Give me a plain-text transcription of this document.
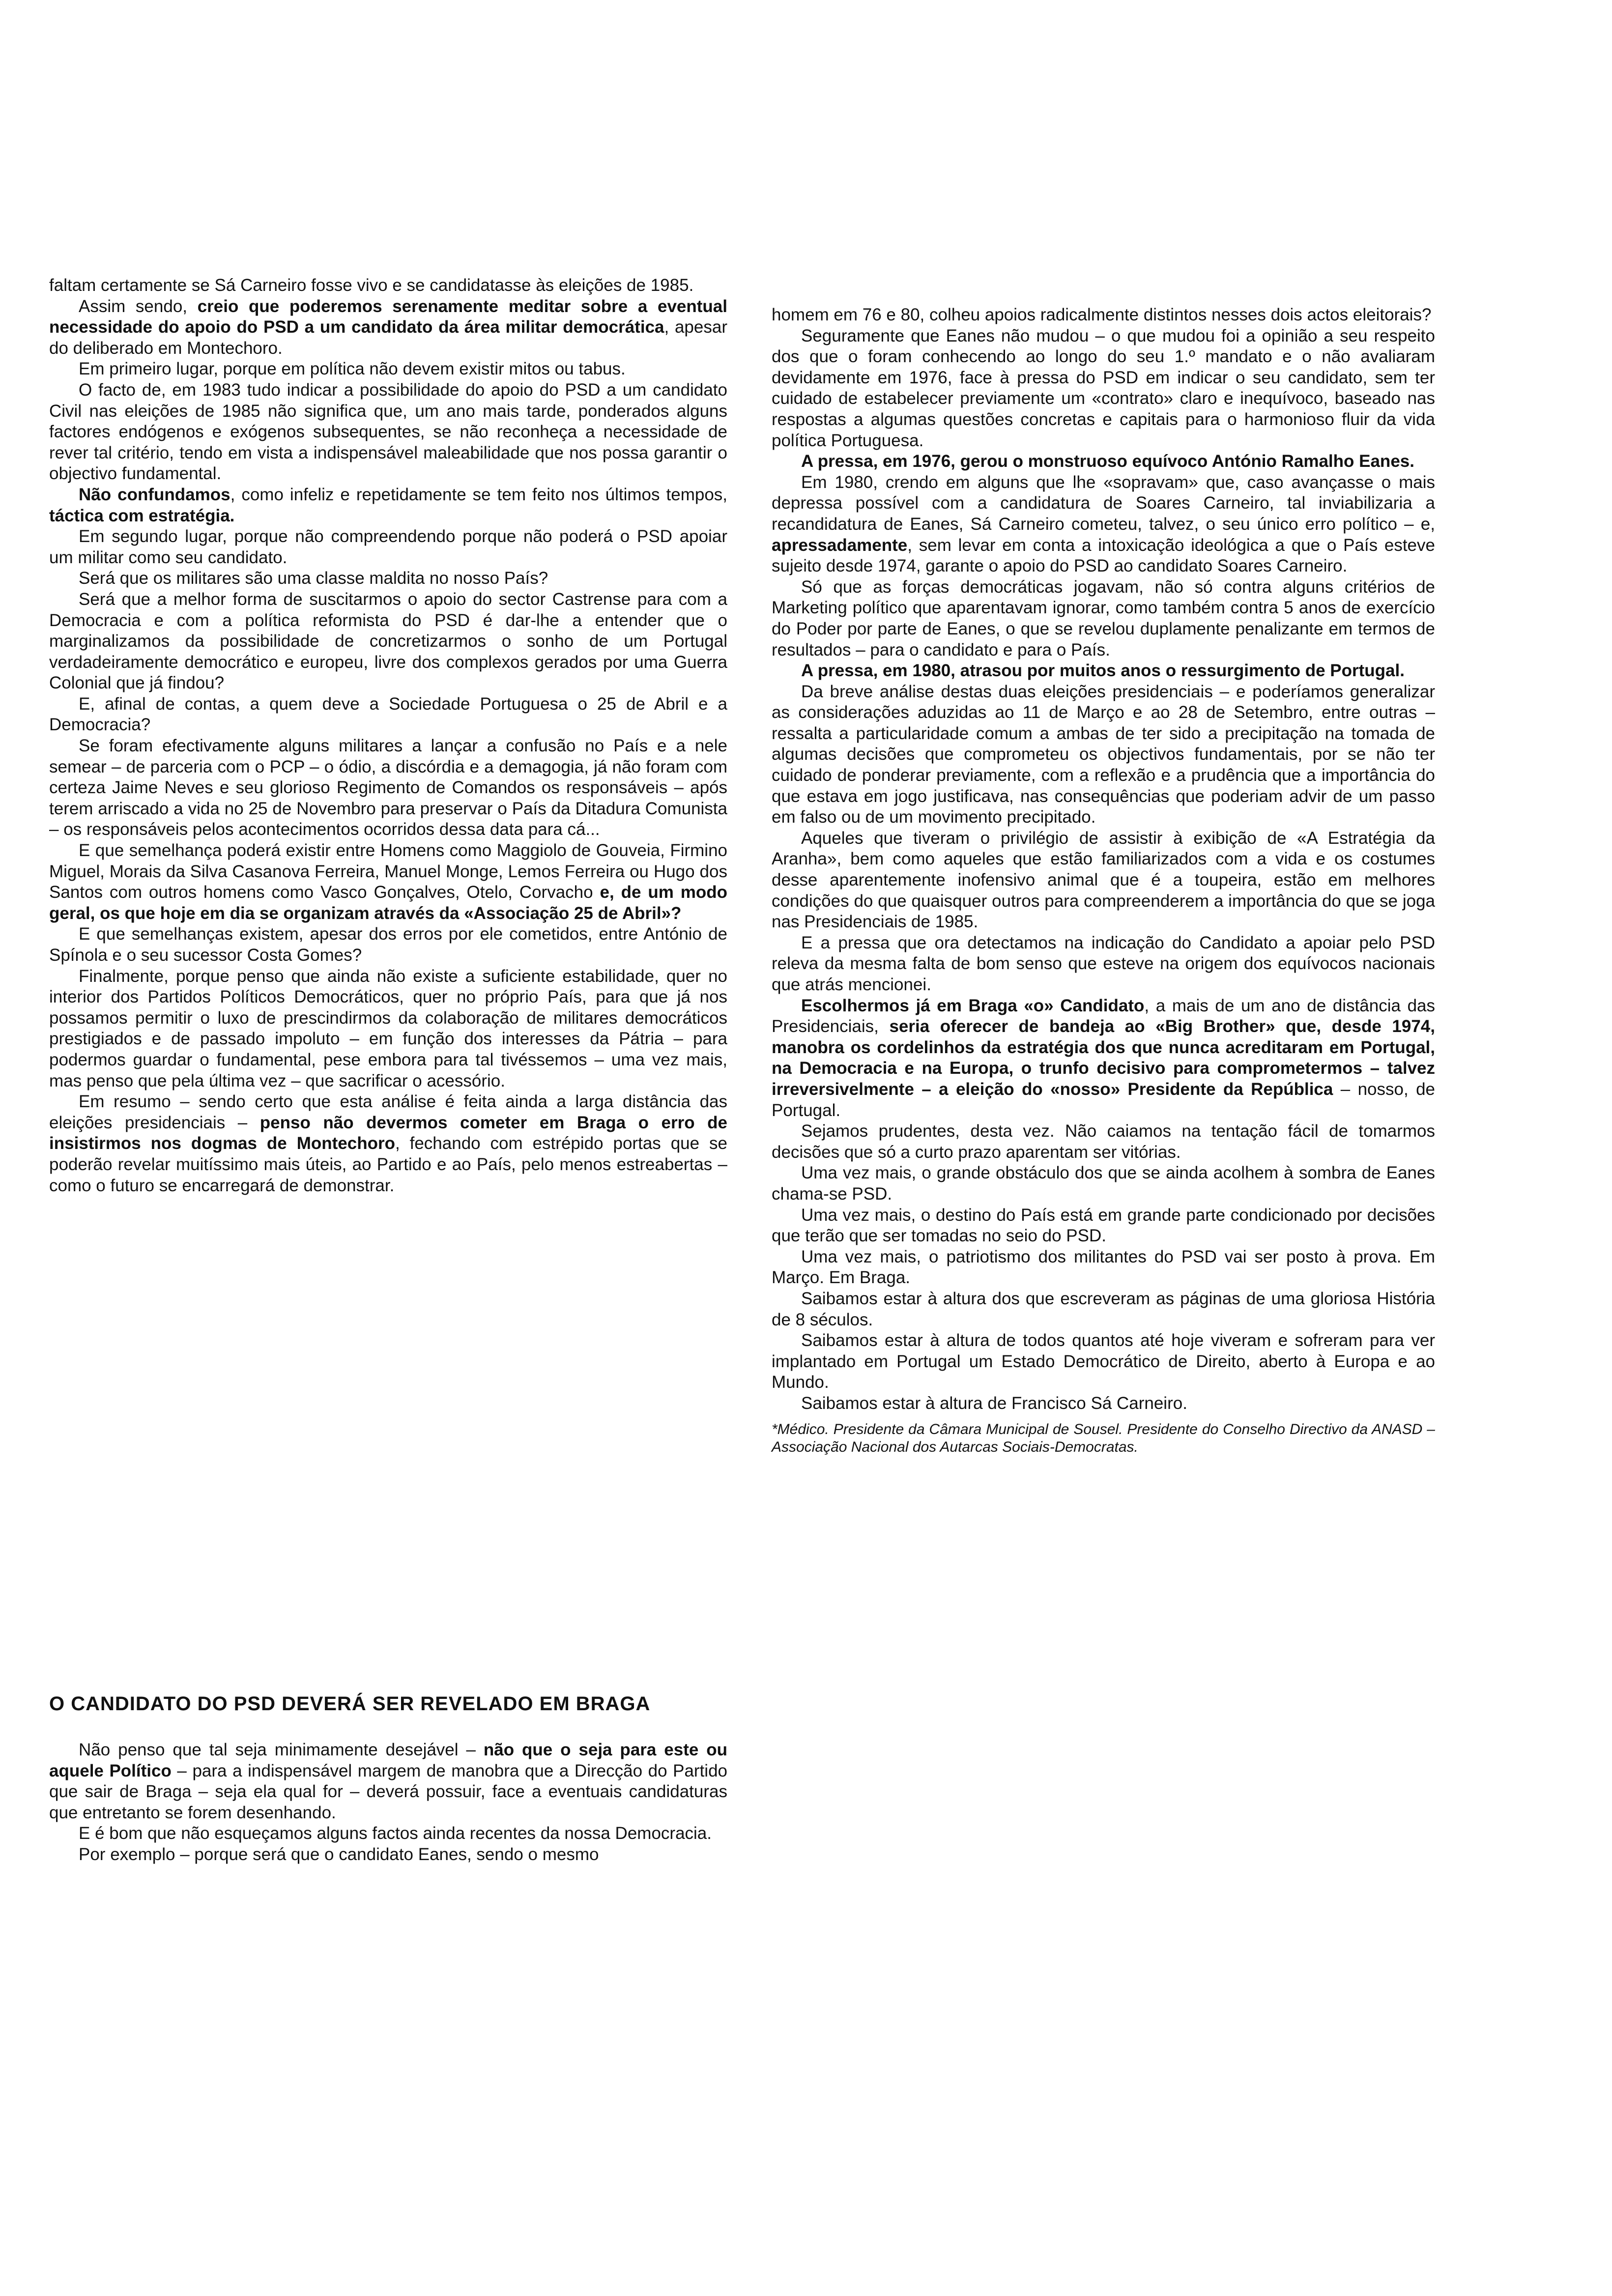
faltam certamente se Sá Carneiro fosse vivo e se candidatasse às eleições de 1985.

Assim sendo, creio que poderemos serenamente meditar sobre a eventual necessidade do apoio do PSD a um candidato da área militar democrática, apesar do deliberado em Montechoro.

Em primeiro lugar, porque em política não devem existir mitos ou tabus.

O facto de, em 1983 tudo indicar a possibilidade do apoio do PSD a um candidato Civil nas eleições de 1985 não significa que, um ano mais tarde, ponderados alguns factores endógenos e exógenos subsequentes, se não reconheça a necessidade de rever tal critério, tendo em vista a indispensável maleabilidade que nos possa garantir o objectivo fundamental.

Não confundamos, como infeliz e repetidamente se tem feito nos últimos tempos, táctica com estratégia.

Em segundo lugar, porque não compreendendo porque não poderá o PSD apoiar um militar como seu candidato.

Será que os militares são uma classe maldita no nosso País?

Será que a melhor forma de suscitarmos o apoio do sector Castrense para com a Democracia e com a política reformista do PSD é dar-lhe a entender que o marginalizamos da possibilidade de concretizarmos o sonho de um Portugal verdadeiramente democrático e europeu, livre dos complexos gerados por uma Guerra Colonial que já findou?

E, afinal de contas, a quem deve a Sociedade Portuguesa o 25 de Abril e a Democracia?

Se foram efectivamente alguns militares a lançar a confusão no País e a nele semear – de parceria com o PCP – o ódio, a discórdia e a demagogia, já não foram com certeza Jaime Neves e seu glorioso Regimento de Comandos os responsáveis – após terem arriscado a vida no 25 de Novembro para preservar o País da Ditadura Comunista – os responsáveis pelos acontecimentos ocorridos dessa data para cá...

E que semelhança poderá existir entre Homens como Maggiolo de Gouveia, Firmino Miguel, Morais da Silva Casanova Ferreira, Manuel Monge, Lemos Ferreira ou Hugo dos Santos com outros homens como Vasco Gonçalves, Otelo, Corvacho e, de um modo geral, os que hoje em dia se organizam através da «Associação 25 de Abril»?

E que semelhanças existem, apesar dos erros por ele cometidos, entre António de Spínola e o seu sucessor Costa Gomes?

Finalmente, porque penso que ainda não existe a suficiente estabilidade, quer no interior dos Partidos Políticos Democráticos, quer no próprio País, para que já nos possamos permitir o luxo de prescindirmos da colaboração de militares democráticos prestigiados e de passado impoluto – em função dos interesses da Pátria – para podermos guardar o fundamental, pese embora para tal tivéssemos – uma vez mais, mas penso que pela última vez – que sacrificar o acessório.

Em resumo – sendo certo que esta análise é feita ainda a larga distância das eleições presidenciais – penso não devermos cometer em Braga o erro de insistirmos nos dogmas de Montechoro, fechando com estrépido portas que se poderão revelar muitíssimo mais úteis, ao Partido e ao País, pelo menos estreabertas – como o futuro se encarregará de demonstrar.

O CANDIDATO DO PSD DEVERÁ SER REVELADO EM BRAGA

Não penso que tal seja minimamente desejável – não que o seja para este ou aquele Político – para a indispensável margem de manobra que a Direcção do Partido que sair de Braga – seja ela qual for – deverá possuir, face a eventuais candidaturas que entretanto se forem desenhando.

E é bom que não esqueçamos alguns factos ainda recentes da nossa Democracia.

Por exemplo – porque será que o candidato Eanes, sendo o mesmo

homem em 76 e 80, colheu apoios radicalmente distintos nesses dois actos eleitorais?

Seguramente que Eanes não mudou – o que mudou foi a opinião a seu respeito dos que o foram conhecendo ao longo do seu 1.º mandato e o não avaliaram devidamente em 1976, face à pressa do PSD em indicar o seu candidato, sem ter cuidado de estabelecer previamente um «contrato» claro e inequívoco, baseado nas respostas a algumas questões concretas e capitais para o harmonioso fluir da vida política Portuguesa.

A pressa, em 1976, gerou o monstruoso equívoco António Ramalho Eanes.

Em 1980, crendo em alguns que lhe «sopravam» que, caso avançasse o mais depressa possível com a candidatura de Soares Carneiro, tal inviabilizaria a recandidatura de Eanes, Sá Carneiro cometeu, talvez, o seu único erro político – e, apressadamente, sem levar em conta a intoxicação ideológica a que o País esteve sujeito desde 1974, garante o apoio do PSD ao candidato Soares Carneiro.

Só que as forças democráticas jogavam, não só contra alguns critérios de Marketing político que aparentavam ignorar, como também contra 5 anos de exercício do Poder por parte de Eanes, o que se revelou duplamente penalizante em termos de resultados – para o candidato e para o País.

A pressa, em 1980, atrasou por muitos anos o ressurgimento de Portugal.

Da breve análise destas duas eleições presidenciais – e poderíamos generalizar as considerações aduzidas ao 11 de Março e ao 28 de Setembro, entre outras – ressalta a particularidade comum a ambas de ter sido a precipitação na tomada de algumas decisões que comprometeu os objectivos fundamentais, por se não ter cuidado de ponderar previamente, com a reflexão e a prudência que a importância do que estava em jogo justificava, nas consequências que poderiam advir de um passo em falso ou de um movimento precipitado.

Aqueles que tiveram o privilégio de assistir à exibição de «A Estratégia da Aranha», bem como aqueles que estão familiarizados com a vida e os costumes desse aparentemente inofensivo animal que é a toupeira, estão em melhores condições do que quaisquer outros para compreenderem a importância do que se joga nas Presidenciais de 1985.

E a pressa que ora detectamos na indicação do Candidato a apoiar pelo PSD releva da mesma falta de bom senso que esteve na origem dos equívocos nacionais que atrás mencionei.

Escolhermos já em Braga «o» Candidato, a mais de um ano de distância das Presidenciais, seria oferecer de bandeja ao «Big Brother» que, desde 1974, manobra os cordelinhos da estratégia dos que nunca acreditaram em Portugal, na Democracia e na Europa, o trunfo decisivo para comprometermos – talvez irreversivelmente – a eleição do «nosso» Presidente da República – nosso, de Portugal.

Sejamos prudentes, desta vez. Não caiamos na tentação fácil de tomarmos decisões que só a curto prazo aparentam ser vitórias.

Uma vez mais, o grande obstáculo dos que se ainda acolhem à sombra de Eanes chama-se PSD.

Uma vez mais, o destino do País está em grande parte condicionado por decisões que terão que ser tomadas no seio do PSD.

Uma vez mais, o patriotismo dos militantes do PSD vai ser posto à prova. Em Março. Em Braga.

Saibamos estar à altura dos que escreveram as páginas de uma gloriosa História de 8 séculos.

Saibamos estar à altura de todos quantos até hoje viveram e sofreram para ver implantado em Portugal um Estado Democrático de Direito, aberto à Europa e ao Mundo.

Saibamos estar à altura de Francisco Sá Carneiro.

*Médico. Presidente da Câmara Municipal de Sousel. Presidente do Conselho Directivo da ANASD – Associação Nacional dos Autarcas Sociais-Democratas.
